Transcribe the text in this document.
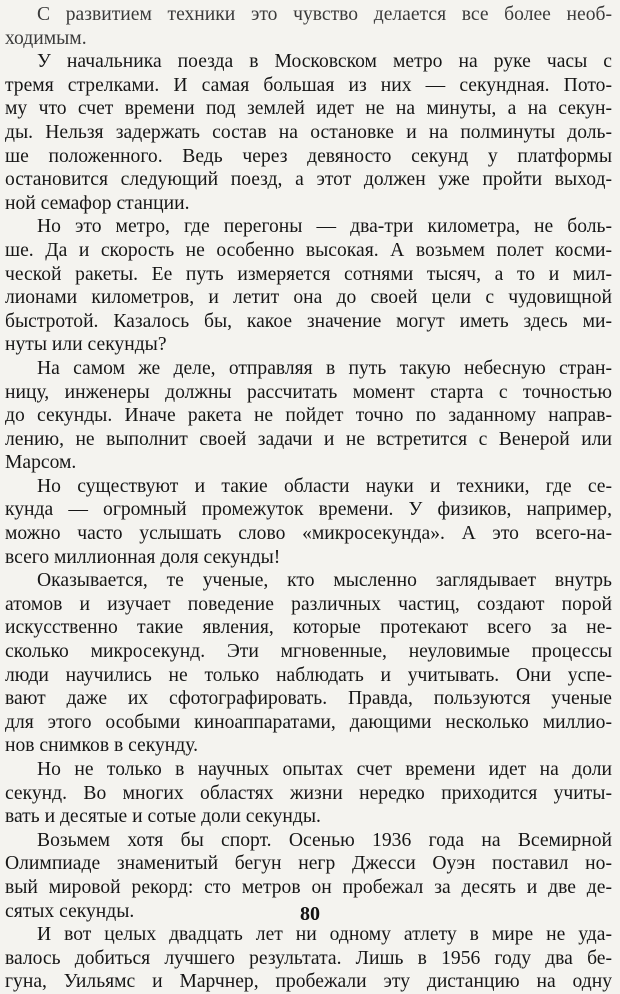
С развитием техники это чувство делается все более необ-
ходимым.

У начальника поезда в Московском метро на руке часы с
тремя стрелками. И самая большая из них — секундная. Пото-
му что счет времени под землей идет не на минуты, а на секун-
ды. Нельзя задержать состав на остановке и на полминуты доль-
ше положенного. Ведь через девяносто секунд у платформы
остановится следующий поезд, а этот должен уже пройти выход-
ной семафор станции.

Но это метро, где перегоны — два-три километра, не боль-
ше. Да и скорость не особенно высокая. А возьмем полет косми-
ческой ракеты. Ее путь измеряется сотнями тысяч, а то и мил-
лионами километров, и летит она до своей цели с чудовищной
быстротой. Казалось бы, какое значение могут иметь здесь ми-
нуты или секунды?

На самом же деле, отправляя в путь такую небесную стран-
ницу, инженеры должны рассчитать момент старта с точностью
до секунды. Иначе ракета не пойдет точно по заданному направ-
лению, не выполнит своей задачи и не встретится с Венерой или
Марсом.

Но существуют и такие области науки и техники, где се-
кунда — огромный промежуток времени. У физиков, например,
можно часто услышать слово «микросекунда». А это всего-на-
всего миллионная доля секунды!

Оказывается, те ученые, кто мысленно заглядывает внутрь
атомов и изучает поведение различных частиц, создают порой
искусственно такие явления, которые протекают всего за не-
сколько микросекунд. Эти мгновенные, неуловимые процессы
люди научились не только наблюдать и учитывать. Они успе-
вают даже их сфотографировать. Правда, пользуются ученые
для этого особыми киноаппаратами, дающими несколько миллио-
нов снимков в секунду.

Но не только в научных опытах счет времени идет на доли
секунд. Во многих областях жизни нередко приходится учиты-
вать и десятые и сотые доли секунды.

Возьмем хотя бы спорт. Осенью 1936 года на Всемирной
Олимпиаде знаменитый бегун негр Джесси Оуэн поставил но-
вый мировой рекорд: сто метров он пробежал за десять и две де-
сятых секунды.

И вот целых двадцать лет ни одному атлету в мире не уда-
валось добиться лучшего результата. Лишь в 1956 году два бе-
гуна, Уильямс и Марчнер, пробежали эту дистанцию на одну

80
